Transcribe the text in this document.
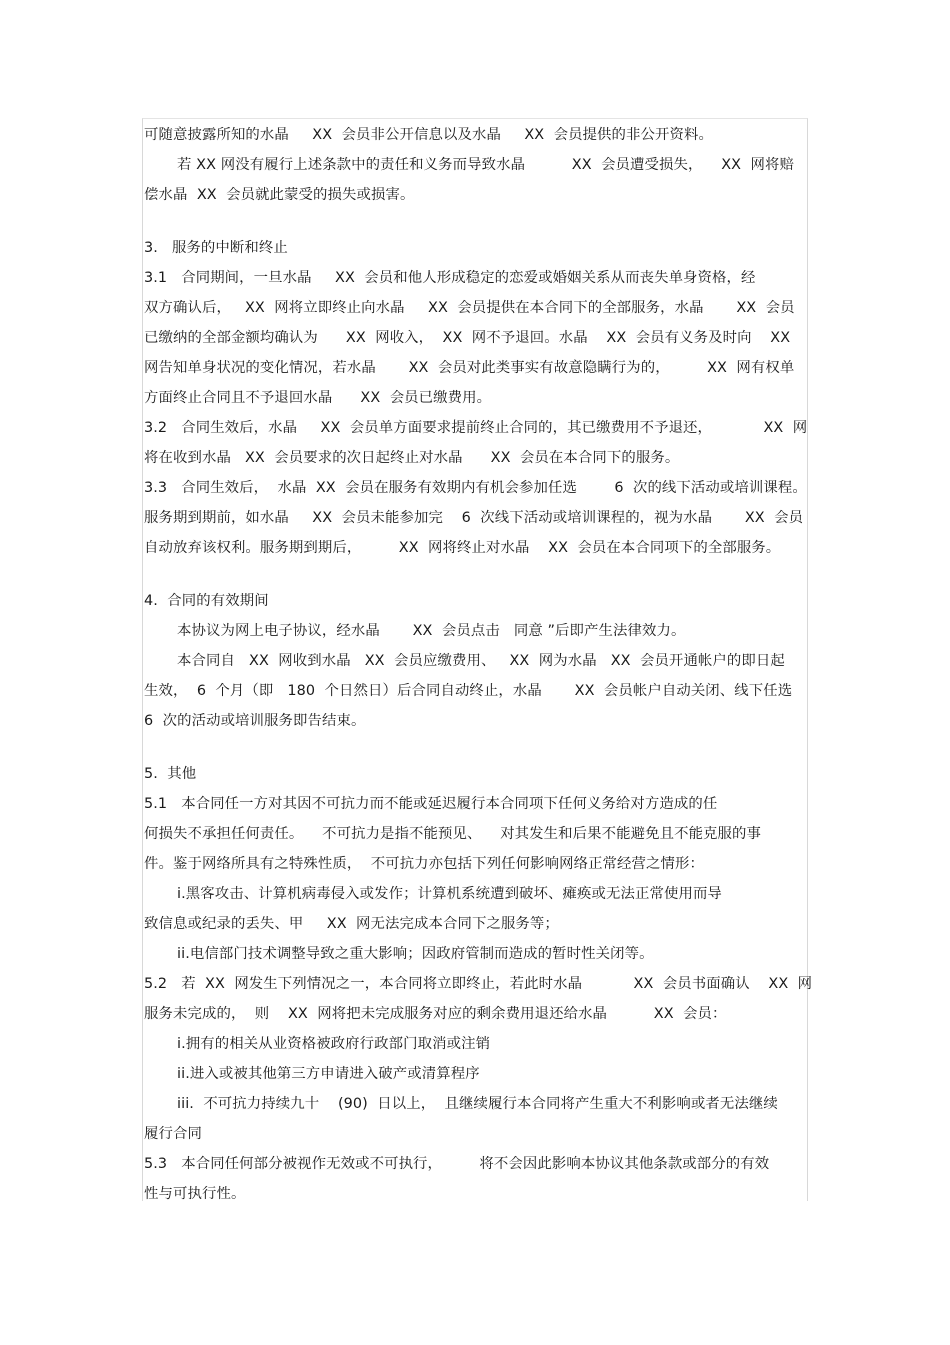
可随意披露所知的水晶     XX  会员非公开信息以及水晶     XX  会员提供的非公开资料。
若 XX 网没有履行上述条款中的责任和义务而导致水晶          XX  会员遭受损失，    XX  网将赔
偿水晶  XX  会员就此蒙受的损失或损害。
3.   服务的中断和终止
3.1   合同期间，一旦水晶     XX  会员和他人形成稳定的恋爱或婚姻关系从而丧失单身资格，经
双方确认后，   XX  网将立即终止向水晶     XX  会员提供在本合同下的全部服务，水晶       XX  会员
已缴纳的全部金额均确认为      XX  网收入，  XX  网不予退回。水晶    XX  会员有义务及时向    XX
网告知单身状况的变化情况，若水晶       XX  会员对此类事实有故意隐瞒行为的，        XX  网有权单
方面终止合同且不予退回水晶      XX  会员已缴费用。
3.2   合同生效后，水晶     XX  会员单方面要求提前终止合同的，其已缴费用不予退还，           XX  网
将在收到水晶   XX  会员要求的次日起终止对水晶      XX  会员在本合同下的服务。
3.3   合同生效后，  水晶  XX  会员在服务有效期内有机会参加任选        6  次的线下活动或培训课程。
服务期到期前，如水晶     XX  会员未能参加完    6  次线下活动或培训课程的，视为水晶       XX  会员
自动放弃该权利。服务期到期后，        XX  网将终止对水晶    XX  会员在本合同项下的全部服务。
4.  合同的有效期间
本协议为网上电子协议，经水晶       XX  会员点击   同意 ”后即产生法律效力。
本合同自   XX  网收到水晶   XX  会员应缴费用、   XX  网为水晶   XX  会员开通帐户的即日起
生效，  6  个月（即   180  个日然日）后合同自动终止，水晶       XX  会员帐户自动关闭、线下任选
6  次的活动或培训服务即告结束。
5.  其他
5.1   本合同任一方对其因不可抗力而不能或延迟履行本合同项下任何义务给对方造成的任
何损失不承担任何责任。    不可抗力是指不能预见、    对其发生和后果不能避免且不能克服的事
件。鉴于网络所具有之特殊性质，  不可抗力亦包括下列任何影响网络正常经营之情形：
i.黑客攻击、计算机病毒侵入或发作；计算机系统遭到破坏、瘫痪或无法正常使用而导
致信息或纪录的丢失、甲     XX  网无法完成本合同下之服务等；
ii.电信部门技术调整导致之重大影响；因政府管制而造成的暂时性关闭等。
5.2   若  XX  网发生下列情况之一，本合同将立即终止，若此时水晶           XX  会员书面确认    XX  网
服务未完成的，  则    XX  网将把未完成服务对应的剩余费用退还给水晶          XX  会员：
i.拥有的相关从业资格被政府行政部门取消或注销
ii.进入或被其他第三方申请进入破产或清算程序
iii.  不可抗力持续九十    (90)  日以上，  且继续履行本合同将产生重大不利影响或者无法继续
履行合同
5.3   本合同任何部分被视作无效或不可执行，        将不会因此影响本协议其他条款或部分的有效
性与可执行性。
